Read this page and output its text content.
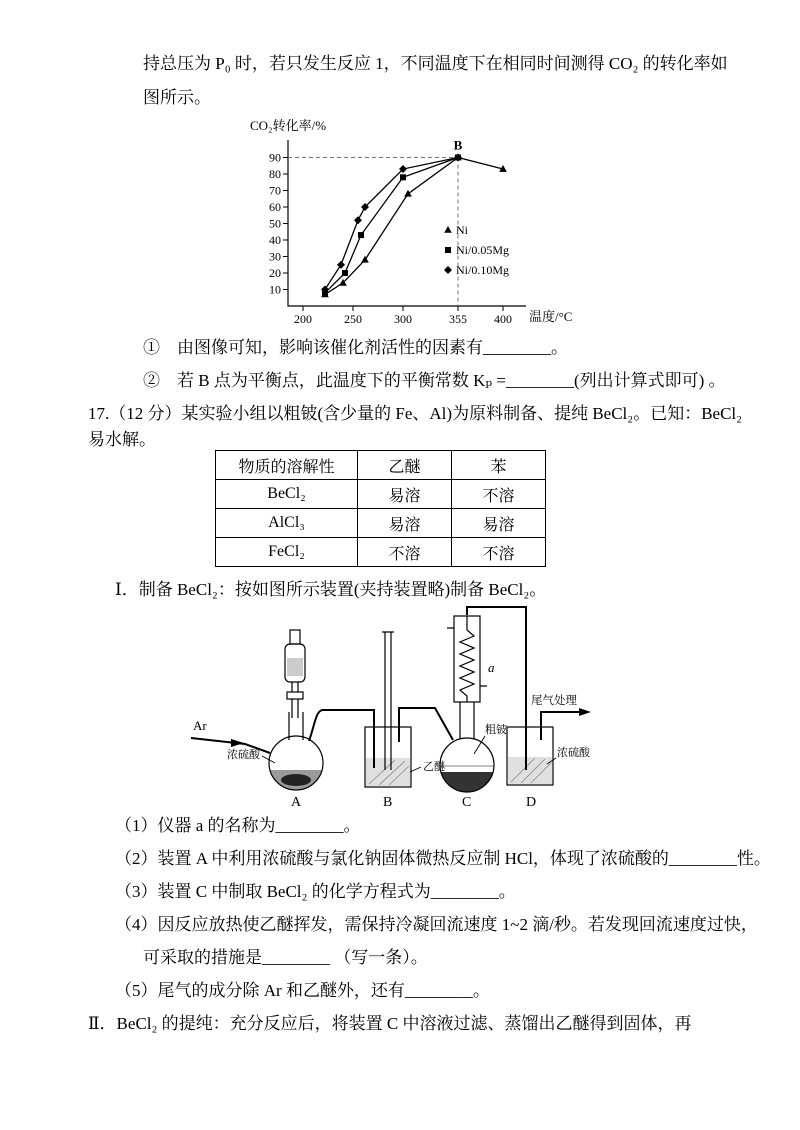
持总压为 P₀ 时，若只发生反应 1，不同温度下在相同时间测得 CO₂ 的转化率如
图所示。
10
20
30
40
50
60
70
80
90
200	250	300	355 400
CO₂转化率/%
温度/°C
B
Ni
Ni/0.05Mg
Ni/0.10Mg
①　由图像可知，影响该催化剂活性的因素有________。
②　若 B 点为平衡点，此温度下的平衡常数 Kₚ =________(列出计算式即可) 。
17.（12 分）某实验小组以粗铍(含少量的 Fe、Al)为原料制备、提纯 BeCl₂。已知：BeCl₂
易水解。
物质的溶解性	乙醚	苯
BeCl₂	易溶	不溶
AlCl₃	易溶	易溶
FeCl₂	不溶	不溶
Ⅰ．制备 BeCl₂：按如图所示装置(夹持装置略)制备 BeCl₂。
Ar
浓硫酸
乙醚
粗铍
浓硫酸
a
尾气处理
A	B	C	D
（1）仪器 a 的名称为________。
（2）装置 A 中利用浓硫酸与氯化钠固体微热反应制 HCl，体现了浓硫酸的________性。
（3）装置 C 中制取 BeCl₂ 的化学方程式为________。
（4）因反应放热使乙醚挥发，需保持冷凝回流速度 1~2 滴/秒。若发现回流速度过快，
可采取的措施是________ （写一条）。
（5）尾气的成分除 Ar 和乙醚外，还有________。
Ⅱ．BeCl₂ 的提纯：充分反应后，将装置 C 中溶液过滤、蒸馏出乙醚得到固体，再
